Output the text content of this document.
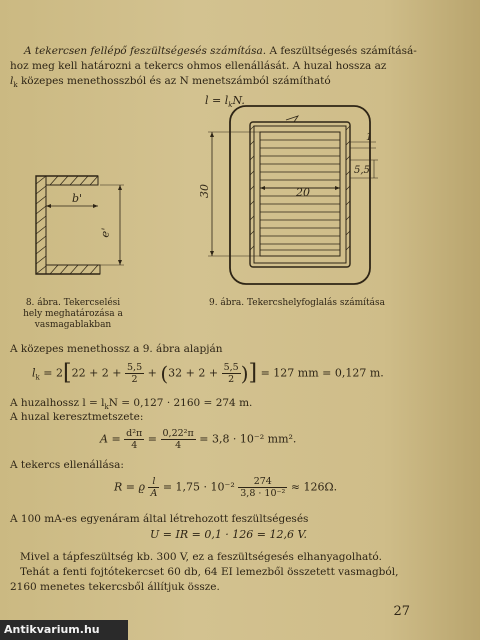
A tekercsen fellépő feszültségesés számítása. A feszültségesés számításá-
hoz meg kell határozni a tekercs ohmos ellenállását. A huzal hossza az
$l_k$ közepes menethosszból és az N menetszámból számítható
$l = l_kN$.
b'
e'
8. ábra. Tekercselési
hely meghatározása a
vasmagablakban
30	20
1
5,5
9. ábra. Tekercshelyfoglalás számítása
A közepes menethossz a 9. ábra alapján
$l_k = 2[22 + 2 + \frac{5,5}{2} + (32 + 2 + \frac{5,5}{2}$ )] = 127 mm = 0,127 m.
A huzalhossz $l = l_kN = 0,127 \cdot 2160 = 274$ m.
A huzal keresztmetszete:
$A = \frac{\text{d²π}}{4} = \frac{\text{0,22²π}}{4} = 3,8 \cdot 10^{-2}$ mm².
A tekercs ellenállása:
R = ϱ $\frac{l}{A} = 1,75 \cdot 10^{-2} \frac{274}{\text{3,8 · 10⁻²}} \approx 126\Omega$.
A 100 mA-es egyenáram által létrehozott feszültségesés
U = IR = 0,1 · 126 = 12,6 V.
Mivel a tápfeszültség kb. 300 V, ez a feszültségesés elhanyagolható.
Tehát a fenti fojtótekercset 60 db, 64 EI lemezből összetett vasmagból,
2160 menetes tekercsből állítjuk össze.
27
Antikvarium.hu
